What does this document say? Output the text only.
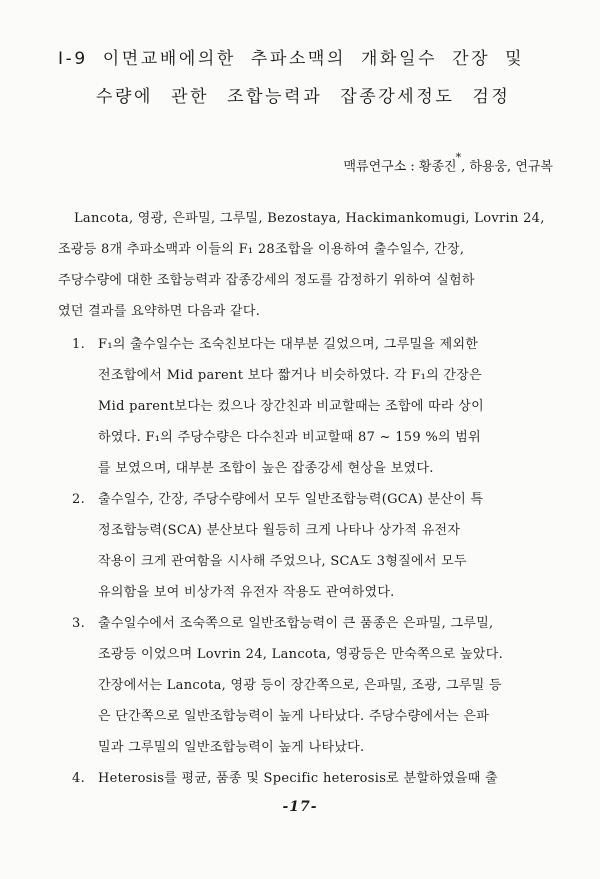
I-9 이면교배에의한 추파소맥의 개화일수 간장 및
수량에 관한 조합능력과 잡종강세정도 검정
맥류연구소 : 황종진*, 하용웅, 연규복
Lancota, 영광, 은파밀, 그루밀, Bezostaya, Hackimankomugi, Lovrin 24,
조광등 8개 추파소맥과 이들의 F₁ 28조합을 이용하여 출수일수, 간장,
주당수량에 대한 조합능력과 잡종강세의 정도를 감정하기 위하여 실험하
였던 결과를 요약하면 다음과 같다.
1. F₁의 출수일수는 조숙친보다는 대부분 길었으며, 그루밀을 제외한
전조합에서 Mid parent 보다 짧거나 비슷하였다. 각 F₁의 간장은
Mid parent보다는 컸으나 장간친과 비교할때는 조합에 따라 상이
하였다. F₁의 주당수량은 다수친과 비교할때 87 ~ 159 %의 범위
를 보였으며, 대부분 조합이 높은 잡종강세 현상을 보였다.
2. 출수일수, 간장, 주당수량에서 모두 일반조합능력(GCA) 분산이 특
정조합능력(SCA) 분산보다 월등히 크게 나타나 상가적 유전자
작용이 크게 관여함을 시사해 주었으나, SCA도 3형질에서 모두
유의함을 보여 비상가적 유전자 작용도 관여하였다.
3. 출수일수에서 조숙쪽으로 일반조합능력이 큰 품종은 은파밀, 그루밀,
조광등 이었으며 Lovrin 24, Lancota, 영광등은 만숙쪽으로 높았다.
간장에서는 Lancota, 영광 등이 장간쪽으로, 은파밀, 조광, 그루밀 등
은 단간쪽으로 일반조합능력이 높게 나타났다. 주당수량에서는 은파
밀과 그루밀의 일반조합능력이 높게 나타났다.
4. Heterosis를 평균, 품종 및 Specific heterosis로 분할하였을때 출
-17-
